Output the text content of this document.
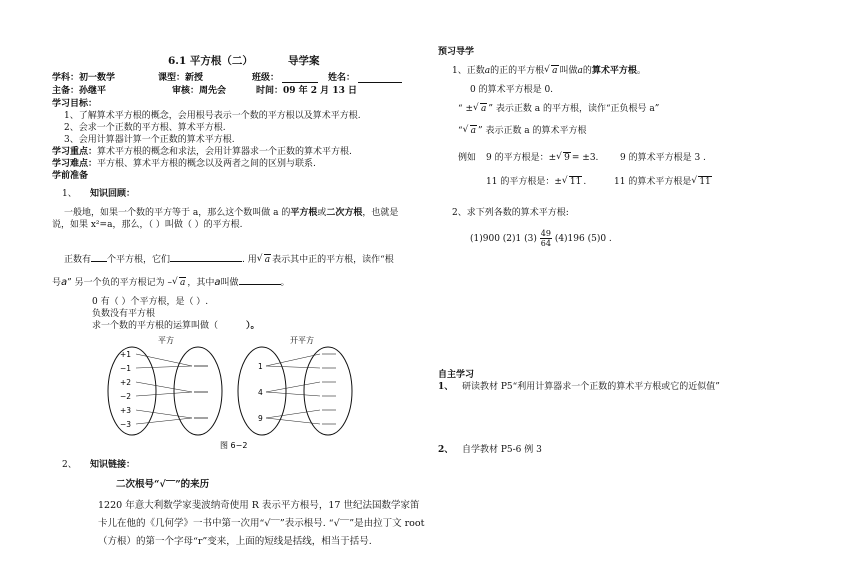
6.1 平方根（二）	导学案
学科：初一数学	课型：新授	班级：	姓名：
主备：孙继平	审核：周先会	时间：09 年 2 月 13 日
学习目标：
1、了解算术平方根的概念，会用根号表示一个数的平方根以及算术平方根.
2、会求一个正数的平方根、算术平方根.
3、会用计算器计算一个正数的算术平方根.
学习重点：算术平方根的概念和求法，会用计算器求一个正数的算术平方根.
学习难点：平方根、算术平方根的概念以及两者之间的区别与联系.
学前准备
1、 知识回顾：
一般地，如果一个数的平方等于 a，那么这个数叫做 a 的平方根或二次方根，也就是
说，如果 x²=a，那么，（ ）叫做（ ）的平方根.
正数有 个平方根，它们	. 用 √ a 表示其中正的平方根，读作“根
号a” 另一个负的平方根记为 – √ a ，其中a叫做	。
0 有（ ）个平方根，是（ ）.
负数没有平方根
求一个数的平方根的运算叫做（	）。
平方	开平方
+1
−1
+2
−2
+3
−3
1
4
9
图 6−2
2、 知识链接：
二次根号“√‾‾”的来历
1220 年意大利数学家斐波纳奇使用 R 表示平方根号，17 世纪法国数学家笛
卡儿在他的《几何学》一书中第一次用“√‾‾”表示根号. “√‾‾”是由拉丁文 root
（方根）的第一个字母“r”变来，上面的短线是括线，相当于括号.
预习导学
1、正数a的正的平方根 √ a 叫做a的算术平方根。
0 的算术平方根是 0.
“ ± √ a ” 表示正数 a 的平方根，读作“正负根号 a”
“ √ a ” 表示正数 a 的算术平方根
例如 9 的平方根是：± √ 9 = ±3. 9 的算术平方根是 3 .
11 的平方根是：± √ 11 .	11 的算术平方根是 √ 11
2、求下列各数的算术平方根:
(1)900 (2)1 $(3) \frac{49}{64} (4)196$ (5)0 .
自主学习
1、 研读教材 P5“利用计算器求一个正数的算术平方根或它的近似值”
2、 自学教材 P5-6 例 3
